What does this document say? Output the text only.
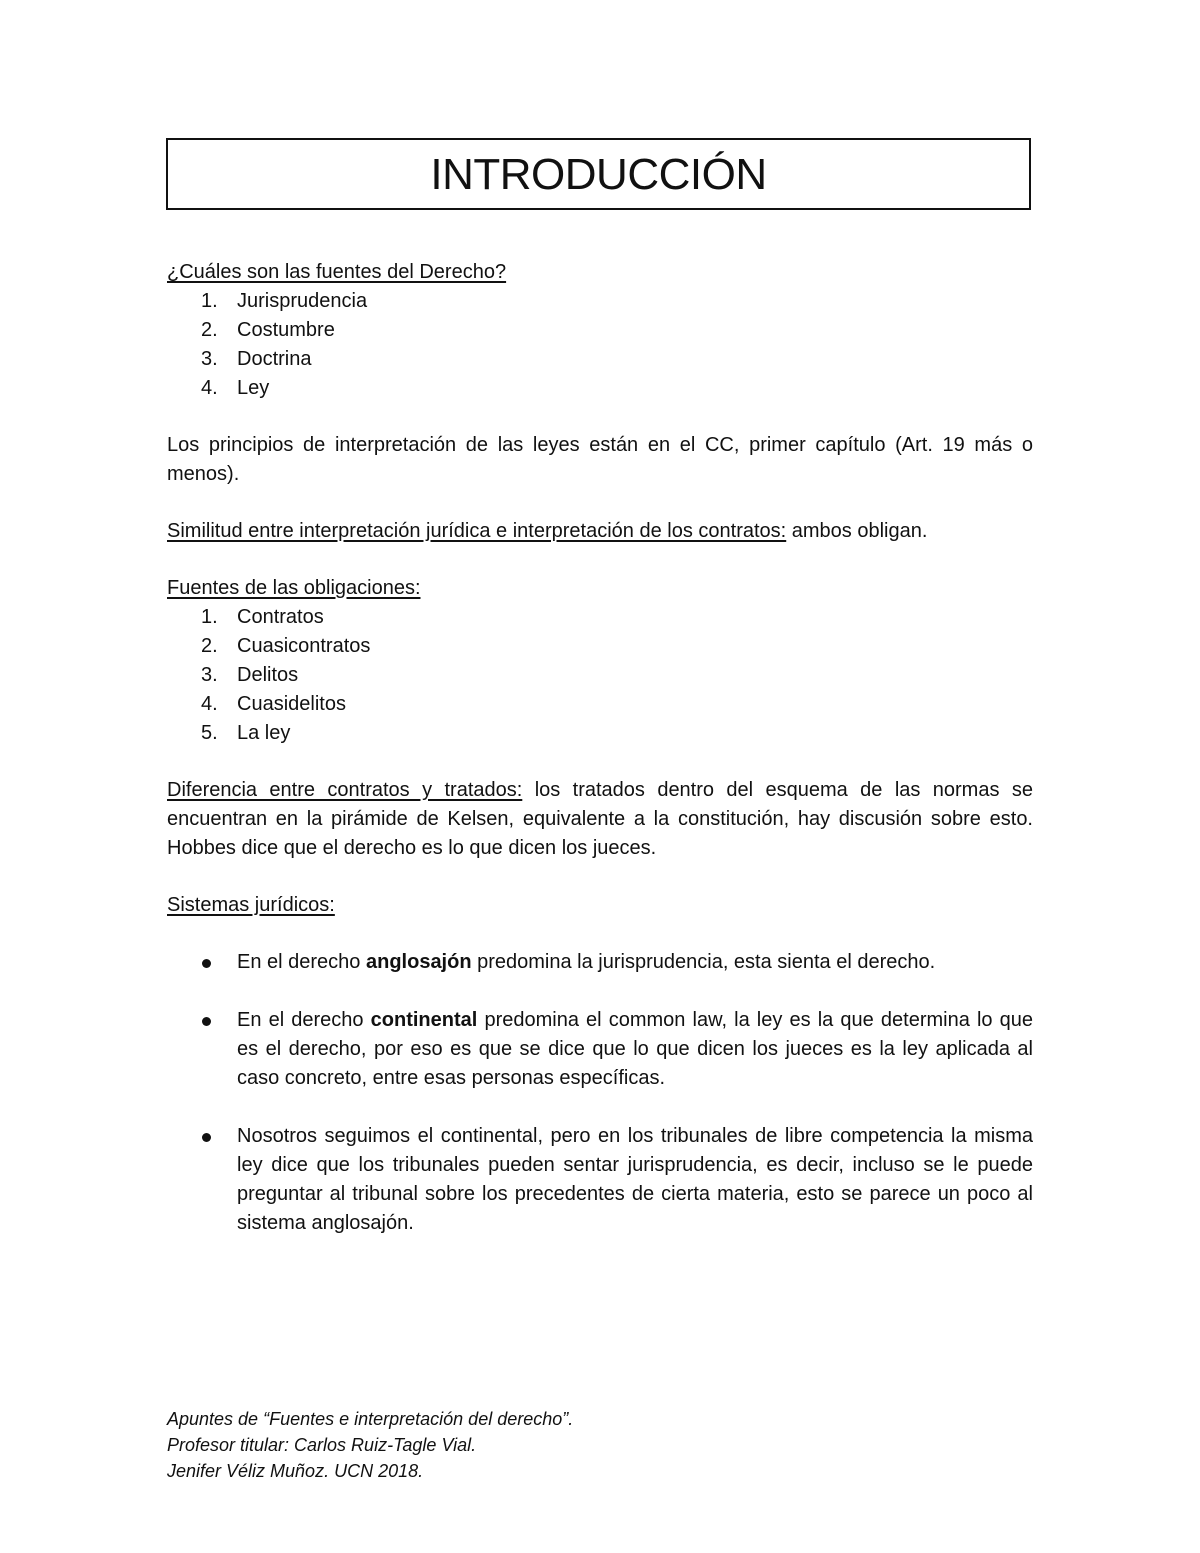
INTRODUCCIÓN

¿Cuáles son las fuentes del Derecho?

1. Jurisprudencia
2. Costumbre
3. Doctrina
4. Ley

Los principios de interpretación de las leyes están en el CC, primer capítulo (Art. 19 más o menos).

Similitud entre interpretación jurídica e interpretación de los contratos: ambos obligan.

Fuentes de las obligaciones:

1. Contratos
2. Cuasicontratos
3. Delitos
4. Cuasidelitos
5. La ley

Diferencia entre contratos y tratados: los tratados dentro del esquema de las normas se encuentran en la pirámide de Kelsen, equivalente a la constitución, hay discusión sobre esto. Hobbes dice que el derecho es lo que dicen los jueces.

Sistemas jurídicos:

En el derecho anglosajón predomina la jurisprudencia, esta sienta el derecho.
En el derecho continental predomina el common law, la ley es la que determina lo que es el derecho, por eso es que se dice que lo que dicen los jueces es la ley aplicada al caso concreto, entre esas personas específicas.
Nosotros seguimos el continental, pero en los tribunales de libre competencia la misma ley dice que los tribunales pueden sentar jurisprudencia, es decir, incluso se le puede preguntar al tribunal sobre los precedentes de cierta materia, esto se parece un poco al sistema anglosajón.
Apuntes de “Fuentes e interpretación del derecho”.
Profesor titular: Carlos Ruiz-Tagle Vial.
Jenifer Véliz Muñoz. UCN 2018.
